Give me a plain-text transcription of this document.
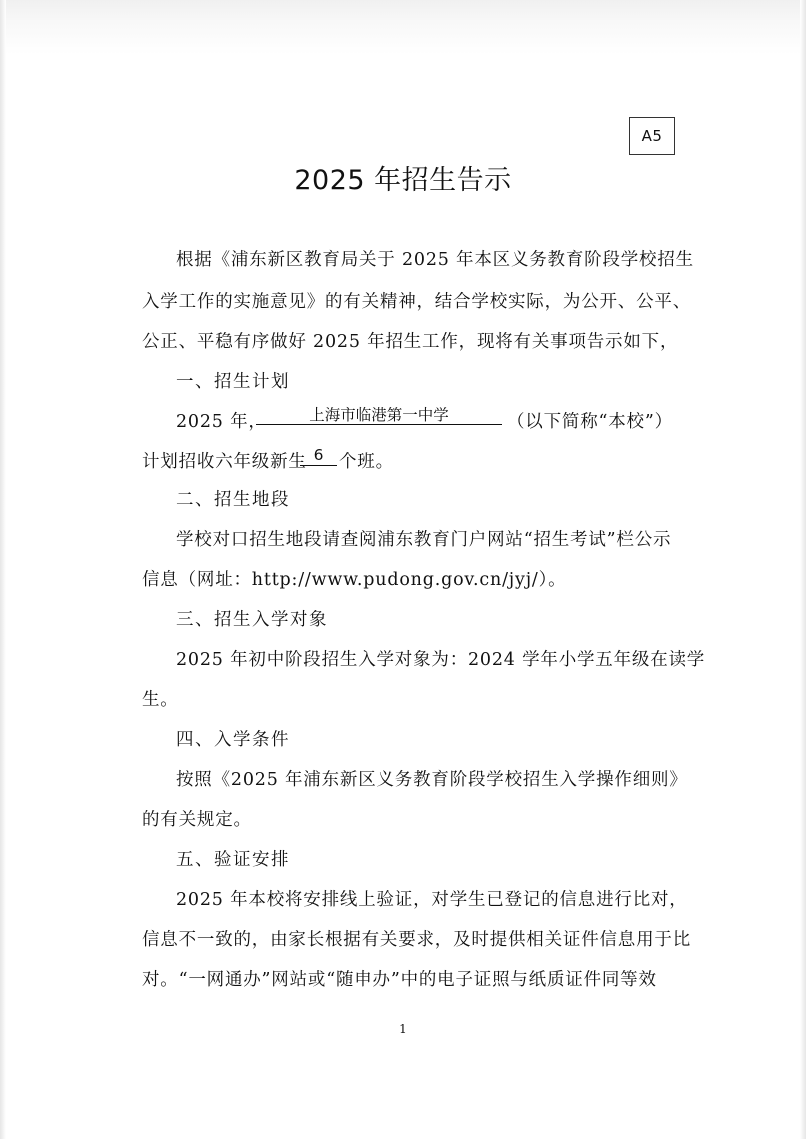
A5
2025 年招生告示
根据《浦东新区教育局关于 2025 年本区义务教育阶段学校招生
入学工作的实施意见》的有关精神，结合学校实际，为公开、公平、
公正、平稳有序做好 2025 年招生工作，现将有关事项告示如下，
一、招生计划
2025 年，	上海市临港第一中学	（以下简称“本校”）
计划招收六年级新生 6 个班。
二、招生地段
学校对口招生地段请查阅浦东教育门户网站“招生考试”栏公示
信息（网址：http://www.pudong.gov.cn/jyj/）。
三、招生入学对象
2025 年初中阶段招生入学对象为：2024 学年小学五年级在读学
生。
四、入学条件
按照《2025 年浦东新区义务教育阶段学校招生入学操作细则》
的有关规定。
五、验证安排
2025 年本校将安排线上验证，对学生已登记的信息进行比对，
信息不一致的，由家长根据有关要求，及时提供相关证件信息用于比
对。“一网通办”网站或“随申办”中的电子证照与纸质证件同等效
1
